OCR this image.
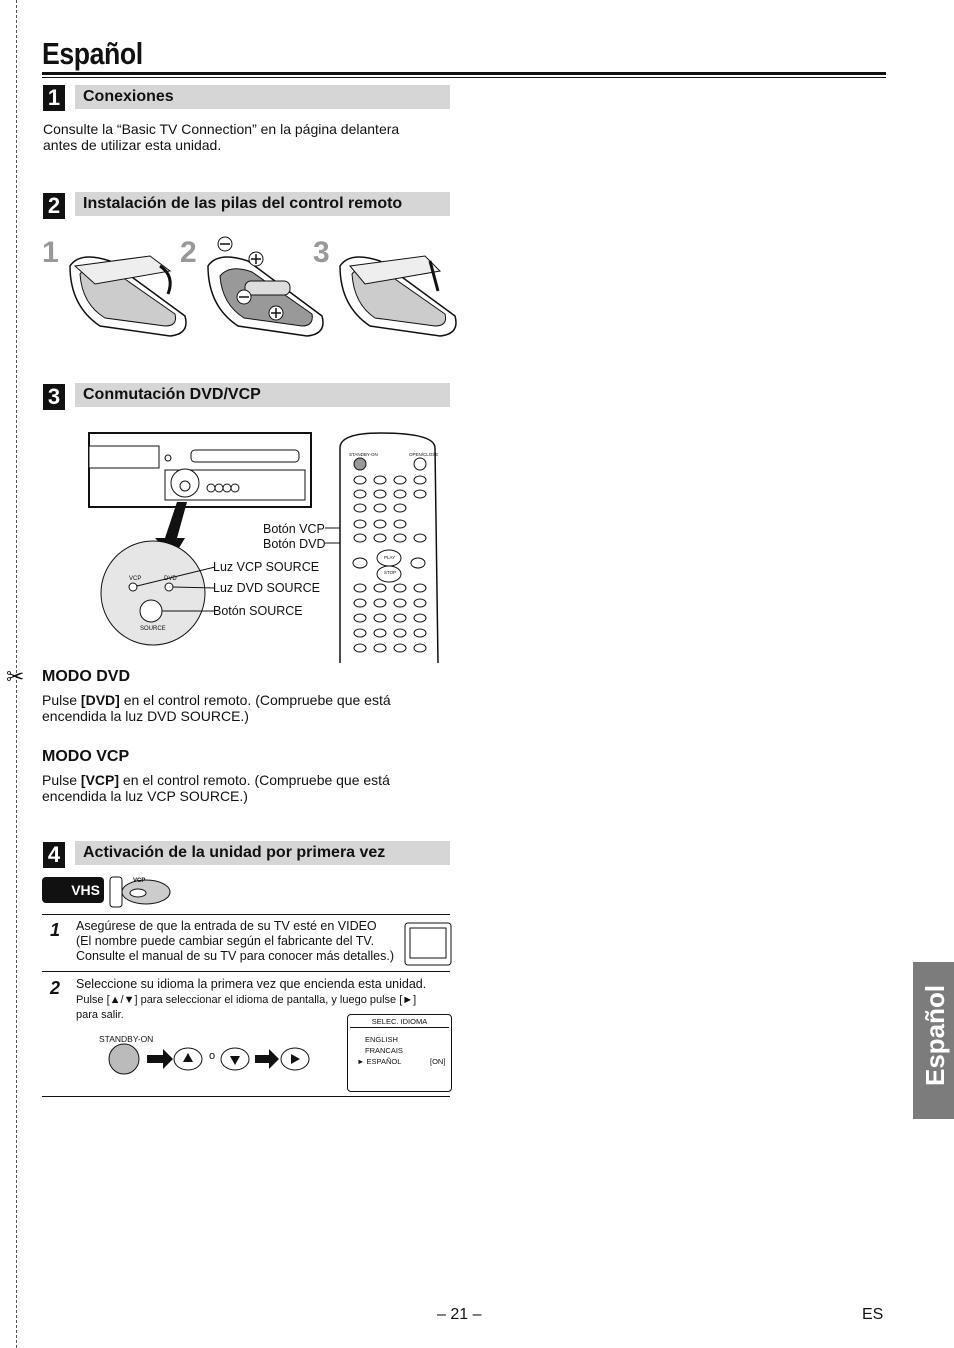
✂
Español
1	Conexiones
Consulte la “Basic TV Connection” en la página delantera
antes de utilizar esta unidad.
2	Instalación de las pilas del control remoto
1	2	3
3	Conmutación DVD/VCP
VCP	DVD
SOURCE
STANDBY-ON	OPEN/CLOSE
PLAY
STOP
Botón VCP
Botón DVD
Luz VCP SOURCE
Luz DVD SOURCE
Botón SOURCE
MODO DVD
Pulse [DVD] en el control remoto. (Compruebe que está
encendida la luz DVD SOURCE.)
MODO VCP
Pulse [VCP] en el control remoto. (Compruebe que está
encendida la luz VCP SOURCE.)
4	Activación de la unidad por primera vez
VHS
VCP
1 Asegúrese de que la entrada de su TV esté en VIDEO
(El nombre puede cambiar según el fabricante del TV.
Consulte el manual de su TV para conocer más detalles.)
2 Seleccione su idioma la primera vez que encienda esta unidad.
Pulse [▲/▼] para seleccionar el idioma de pantalla, y luego pulse [►]
para salir.
STANDBY-ON
o
SELEC. IDIOMA
ENGLISH
FRANCAIS
► ESPAÑOL	[ON]	Español
– 21 –	ES
